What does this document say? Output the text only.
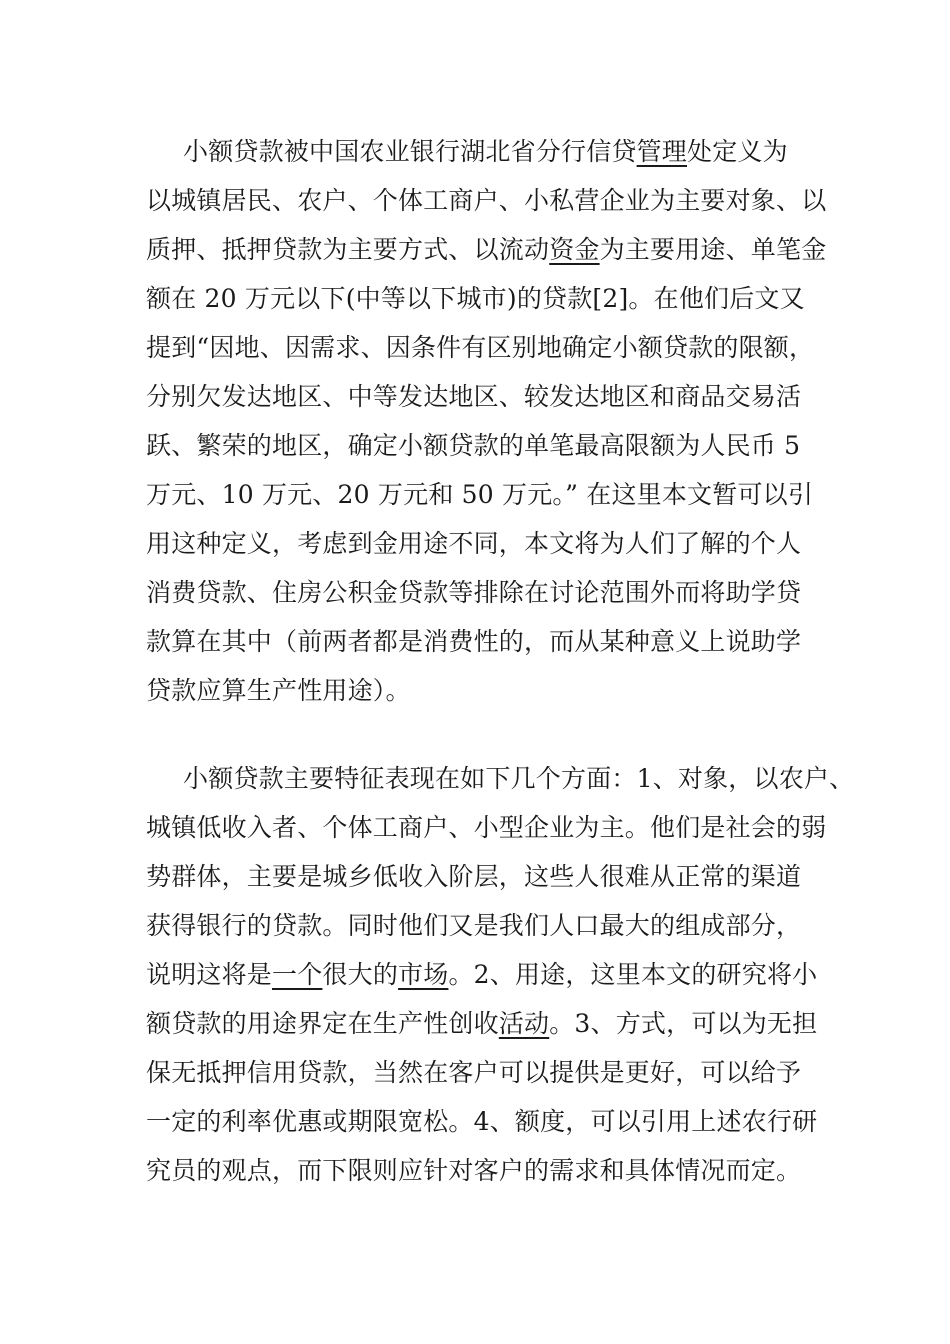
小额贷款被中国农业银行湖北省分行信贷管理处定义为
以城镇居民、农户、个体工商户、小私营企业为主要对象、以
质押、抵押贷款为主要方式、以流动资金为主要用途、单笔金
额在 20 万元以下(中等以下城市)的贷款[2]。在他们后文又
提到“因地、因需求、因条件有区别地确定小额贷款的限额，
分别欠发达地区、中等发达地区、较发达地区和商品交易活
跃、繁荣的地区，确定小额贷款的单笔最高限额为人民币 5
万元、10 万元、20 万元和 50 万元。” 在这里本文暂可以引
用这种定义，考虑到金用途不同，本文将为人们了解的个人
消费贷款、住房公积金贷款等排除在讨论范围外而将助学贷
款算在其中（前两者都是消费性的，而从某种意义上说助学
贷款应算生产性用途）。
小额贷款主要特征表现在如下几个方面：1、对象，以农户、
城镇低收入者、个体工商户、小型企业为主。他们是社会的弱
势群体，主要是城乡低收入阶层，这些人很难从正常的渠道
获得银行的贷款。同时他们又是我们人口最大的组成部分，
说明这将是一个很大的市场。2、用途，这里本文的研究将小
额贷款的用途界定在生产性创收活动。3、方式，可以为无担
保无抵押信用贷款，当然在客户可以提供是更好，可以给予
一定的利率优惠或期限宽松。4、额度，可以引用上述农行研
究员的观点，而下限则应针对客户的需求和具体情况而定。
